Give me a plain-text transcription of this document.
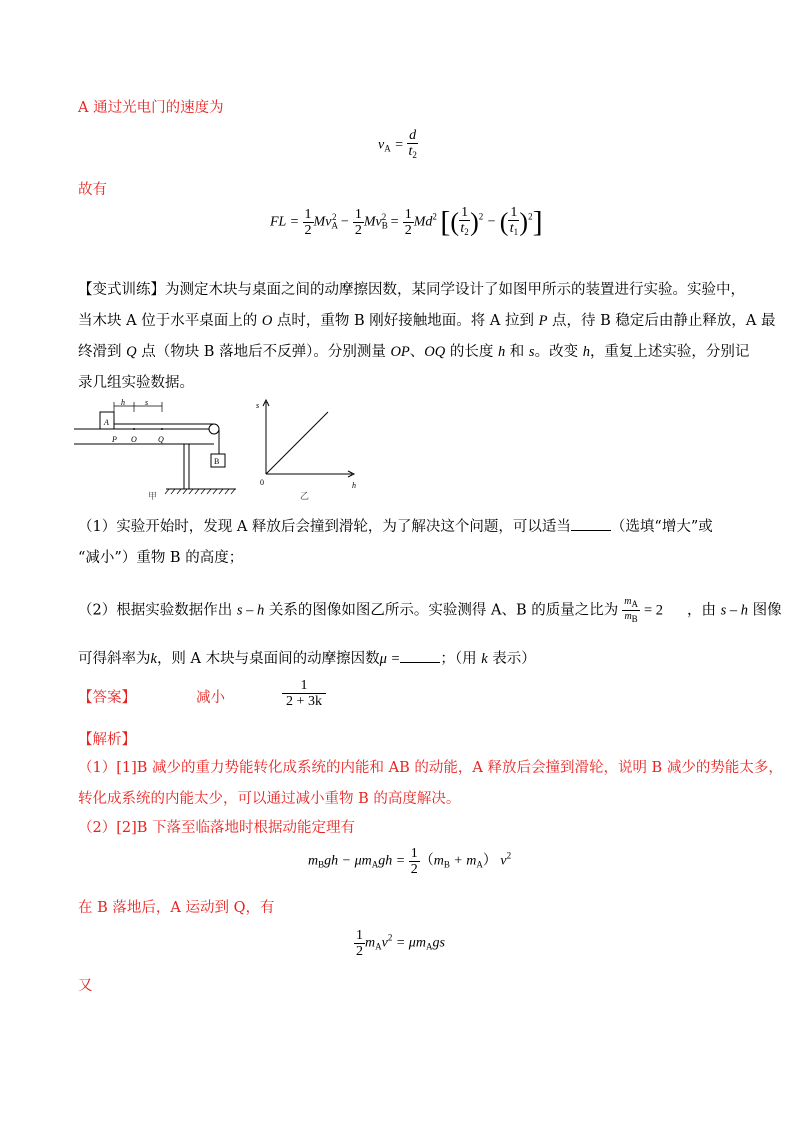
A 通过光电门的速度为
$v_A = \frac{d}{t_2}$
故有
FL = $\frac{1}{2} Mv_A^2 - \frac{1}{2} Mv_B^2 = \frac{1}{2} Md^2$ [( $\frac{1}{t_2} )^2$ − ( $\frac{1}{t_1} )^2$]
【变式训练】为测定木块与桌面之间的动摩擦因数，某同学设计了如图甲所示的装置进行实验。实验中，
当木块 A 位于水平桌面上的 O 点时，重物 B 刚好接触地面。将 A 拉到 P 点，待 B 稳定后由静止释放，A 最
终滑到 Q 点（物块 B 落地后不反弹）。分别测量 OP、OQ 的长度 h 和 s。改变 h，重复上述实验，分别记
录几组实验数据。
A
B
h	s
P O	Q
甲
s
h
0
乙
（1）实验开始时，发现 A 释放后会撞到滑轮，为了解决这个问题，可以适当	（选填“增大”或
“减小”）重物 B 的高度；
（2）根据实验数据作出 s – h 关系的图像如图乙所示。实验测得 A、B 的质量之比为 $\frac{mA}{mB} = 2$ ，由 s – h 图像
可得斜率为k，则 A 木块与桌面间的动摩擦因数μ =	；（用 k 表示）
【答案】	减小	$\frac{1}{2 + 3k}$
【解析】
（1）[1]B 减少的重力势能转化成系统的内能和 AB 的动能，A 释放后会撞到滑轮，说明 B 减少的势能太多，
转化成系统的内能太少，可以通过减小重物 B 的高度解决。
（2）[2]B 下落至临落地时根据动能定理有
$m_Bgh - \mu m_Agh = \frac{1}{2} (m_B + m_A)$ $v^2$
在 B 落地后，A 运动到 Q，有
$\frac{1}{2} m_Av^2 = \mu m_Ags$
又
